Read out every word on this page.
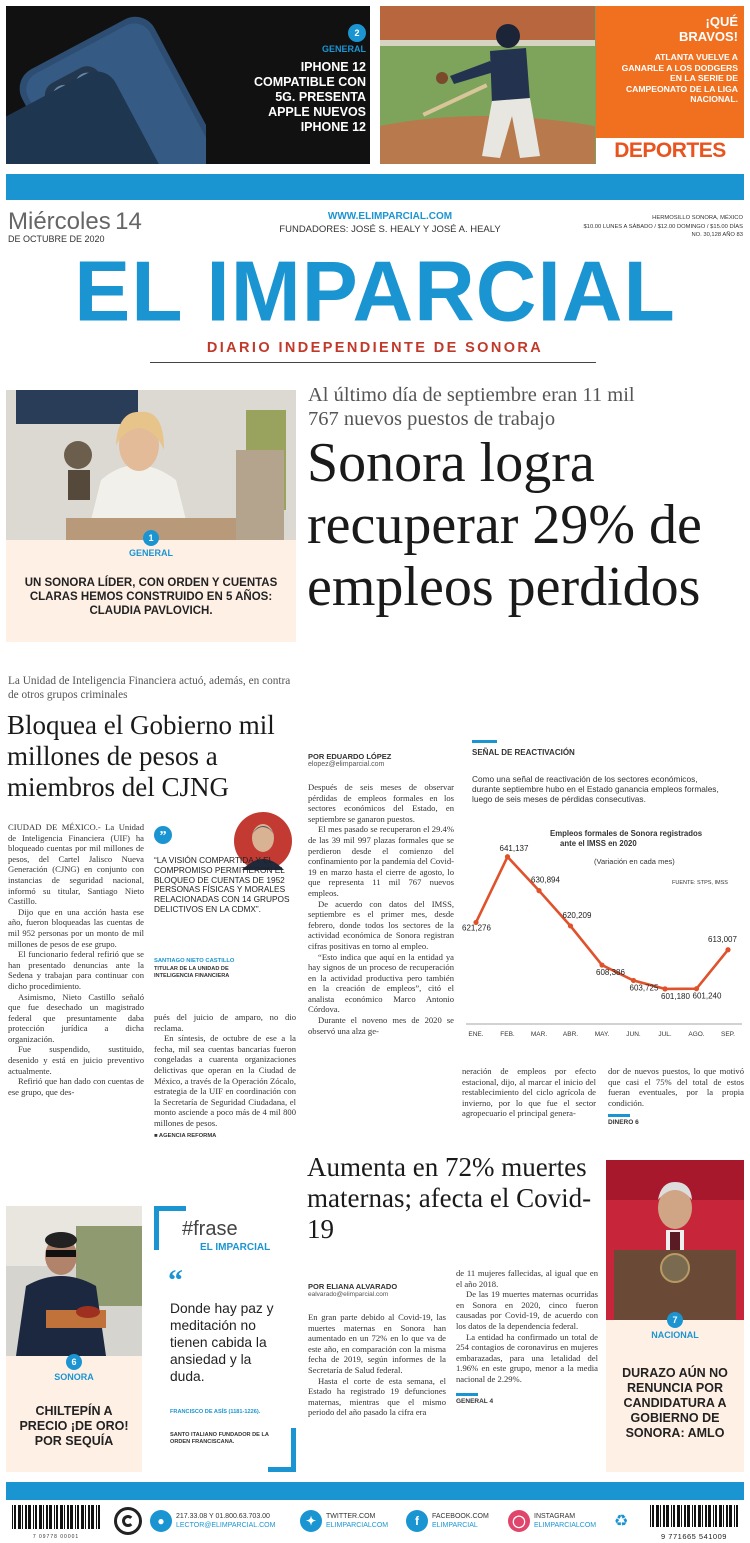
2
GENERAL
IPHONE 12 COMPATIBLE CON 5G. PRESENTA APPLE NUEVOS IPHONE 12
¡QUÉ BRAVOS!
ATLANTA VUELVE A GANARLE A LOS DODGERS EN LA SERIE DE CAMPEONATO DE LA LIGA NACIONAL.
DEPORTES
Miércoles 14
DE OCTUBRE DE 2020
WWW.ELIMPARCIAL.COM
FUNDADORES: JOSÉ S. HEALY Y JOSÉ A. HEALY
HERMOSILLO SONORA, MÉXICO
$10.00 LUNES A SÁBADO / $12.00 DOMINGO / $15.00 DÍAS
NO. 30,128 AÑO 83
EL IMPARCIAL
DIARIO INDEPENDIENTE DE SONORA
1
GENERAL
UN SONORA LÍDER, CON ORDEN Y CUENTAS CLARAS HEMOS CONSTRUIDO EN 5 AÑOS: CLAUDIA PAVLOVICH.
Al último día de septiembre eran 11 mil 767 nuevos puestos de trabajo
Sonora logra recuperar 29% de empleos perdidos
POR EDUARDO LÓPEZ
elopez@elimparcial.com

Después de seis meses de observar pérdidas de empleos formales en los sectores económicos del Estado, en septiembre se ganaron puestos.

El mes pasado se recuperaron el 29.4% de las 39 mil 997 plazas formales que se perdieron desde el comienzo del confinamiento por la pandemia del Covid-19 en marzo hasta el cierre de agosto, lo que representa 11 mil 767 nuevos empleos.

De acuerdo con datos del IMSS, septiembre es el primer mes, desde febrero, donde todos los sectores de la actividad económica de Sonora registran cifras positivas en torno al empleo.

“Esto indica que aquí en la entidad ya hay signos de un proceso de recuperación en la actividad productiva pero también en la creación de empleos”, citó el analista económico Marco Antonio Córdova.

Durante el noveno mes de 2020 se observó una alza ge-

SEÑAL DE REACTIVACIÓN
Como una señal de reactivación de los sectores económicos, durante septiembre hubo en el Estado ganancia empleos formales, luego de seis meses de pérdidas consecutivas.
Empleos formales de Sonora registrados
ante el IMSS en 2020
(Variación en cada mes)
FUENTE: STPS, IMSS
621,276
ENE.
641,137
FEB.
630,894
MAR.
620,209
ABR.
608,386
MAY.
603,725
JUN.
601,180
JUL.
601,240
AGO.
613,007
SEP.

neración de empleos por efecto estacional, dijo, al marcar el inicio del restablecimiento del ciclo agrícola de invierno, por lo que fue el sector agropecuario el principal genera-

dor de nuevos puestos, lo que motivó que casi el 75% del total de estos fueran eventuales, por la propia condición.

DINERO 6
La Unidad de Inteligencia Financiera actuó, además, en contra de otros grupos criminales
Bloquea el Gobierno mil millones de pesos a miembros del CJNG

CIUDAD DE MÉXICO.- La Unidad de Inteligencia Financiera (UIF) ha bloqueado cuentas por mil millones de pesos, del Cartel Jalisco Nueva Generación (CJNG) en conjunto con instancias de seguridad nacional, informó su titular, Santiago Nieto Castillo.

Dijo que en una acción hasta ese año, fueron bloqueadas las cuentas de mil 952 personas por un monto de mil millones de pesos de ese grupo.

El funcionario federal refirió que se han presentado denuncias ante la Sedena y trabajan para continuar con dicho procedimiento.

Asimismo, Nieto Castillo señaló que fue desechado un magistrado federal que presuntamente daba protección jurídica a dicha organización.

Fue suspendido, sustituido, desenido y está en juicio preventivo actualmente.

Refirió que han dado con cuentas de ese grupo, que des-

”
“LA VISIÓN COMPARTIDA Y EL COMPROMISO PERMITIERON EL BLOQUEO DE CUENTAS DE 1952 PERSONAS FÍSICAS Y MORALES RELACIONADAS CON 14 GRUPOS DELICTIVOS EN LA CDMX”.
SANTIAGO NIETO CASTILLO
TITULAR DE LA UNIDAD DE INTELIGENCIA FINANCIERA

pués del juicio de amparo, no dio reclama.

En síntesis, de octubre de ese a la fecha, mil sea cuentas bancarias fueron congeladas a cuarenta organizaciones delictivas que operan en la Ciudad de México, a través de la Operación Zócalo, estrategia de la UIF en coordinación con la Secretaría de Seguridad Ciudadana, el monto asciende a poco más de 4 mil 800 millones de pesos.

■ AGENCIA REFORMA
Aumenta en 72% muertes maternas; afecta el Covid-19
POR ELIANA ALVARADO
ealvarado@elimparcial.com

En gran parte debido al Covid-19, las muertes maternas en Sonora han aumentado en un 72% en lo que va de este año, en comparación con la misma fecha de 2019, según informes de la Secretaría de Salud federal.

Hasta el corte de esta semana, el Estado ha registrado 19 defunciones maternas, mientras que el mismo periodo del año pasado la cifra era

de 11 mujeres fallecidas, al igual que en el año 2018.

De las 19 muertes maternas ocurridas en Sonora en 2020, cinco fueron causadas por Covid-19, de acuerdo con los datos de la dependencia federal.

La entidad ha confirmado un total de 254 contagios de coronavirus en mujeres embarazadas, para una letalidad del 1.96% en este grupo, menor a la media nacional de 2.29%.

GENERAL 4
6
SONORA
CHILTEPÍN A PRECIO ¡DE ORO! POR SEQUÍA
#frase
EL IMPARCIAL
“
Donde hay paz y meditación no tienen cabida la ansiedad y la duda.
FRANCISCO DE ASÍS (1181-1226).
SANTO ITALIANO FUNDADOR DE LA ORDEN FRANCISCANA.
7
NACIONAL
DURAZO AÚN NO RENUNCIA POR CANDIDATURA A GOBIERNO DE SONORA: AMLO
7 09778 00001
●	217.33.08 Y 01.800.63.703.00
LECTOR@ELIMPARCIAL.COM	✦	TWITTER.COM
ELIMPARCIALCOM	f	FACEBOOK.COM
ELIMPARCIAL	◯	INSTAGRAM
ELIMPARCIALCOM ♻
9 771665 541009
